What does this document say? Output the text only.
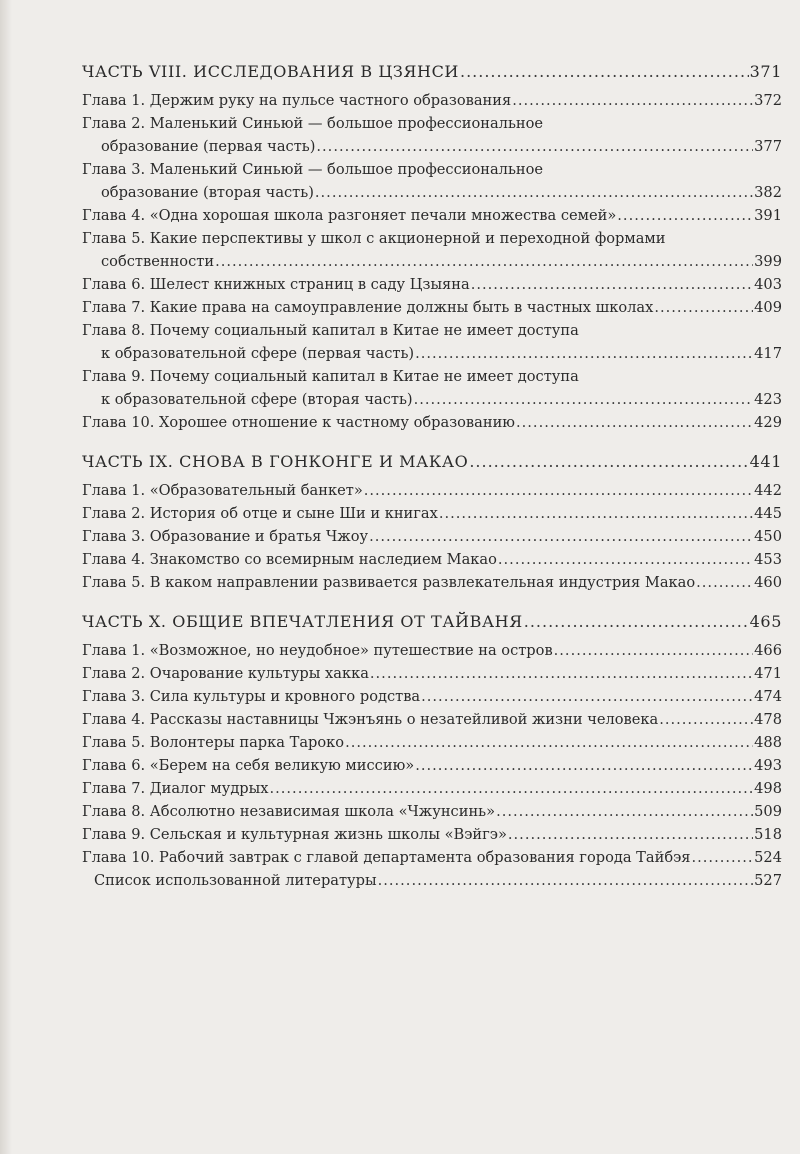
ЧАСТЬ VIII. ИССЛЕДОВАНИЯ В ЦЗЯНСИ .....	371
Глава 1. Держим руку на пульсе частного образования .....	372
Глава 2. Маленький Синьюй — большое профессиональное
образование (первая часть) .....	377
Глава 3. Маленький Синьюй — большое профессиональное
образование (вторая часть) .....	382
Глава 4. «Одна хорошая школа разгоняет печали множества семей» .....	391
Глава 5. Какие перспективы у школ с акционерной и переходной формами
собственности .....	399
Глава 6. Шелест книжных страниц в саду Цзыяна .....	403
Глава 7. Какие права на самоуправление должны быть в частных школах .....	409
Глава 8. Почему социальный капитал в Китае не имеет доступа
к образовательной сфере (первая часть) .....	417
Глава 9. Почему социальный капитал в Китае не имеет доступа
к образовательной сфере (вторая часть) .....	423
Глава 10. Хорошее отношение к частному образованию .....	429
ЧАСТЬ IX. СНОВА В ГОНКОНГЕ И МАКАО .....	441
Глава 1. «Образовательный банкет» .....	442
Глава 2. История об отце и сыне Ши и книгах .....	445
Глава 3. Образование и братья Чжоу .....	450
Глава 4. Знакомство со всемирным наследием Макао .....	453
Глава 5. В каком направлении развивается развлекательная индустрия Макао .....	460
ЧАСТЬ X. ОБЩИЕ ВПЕЧАТЛЕНИЯ ОТ ТАЙВАНЯ .....	465
Глава 1. «Возможное, но неудобное» путешествие на остров .....	466
Глава 2. Очарование культуры хакка .....	471
Глава 3. Сила культуры и кровного родства .....	474
Глава 4. Рассказы наставницы Чжэнъянь о незатейливой жизни человека .....	478
Глава 5. Волонтеры парка Тароко .....	488
Глава 6. «Берем на себя великую миссию» .....	493
Глава 7. Диалог мудрых .....	498
Глава 8. Абсолютно независимая школа «Чжунсинь» .....	509
Глава 9. Сельская и культурная жизнь школы «Вэйгэ» .....	518
Глава 10. Рабочий завтрак с главой департамента образования города Тайбэя .....	524
Список использованной литературы .....	527
